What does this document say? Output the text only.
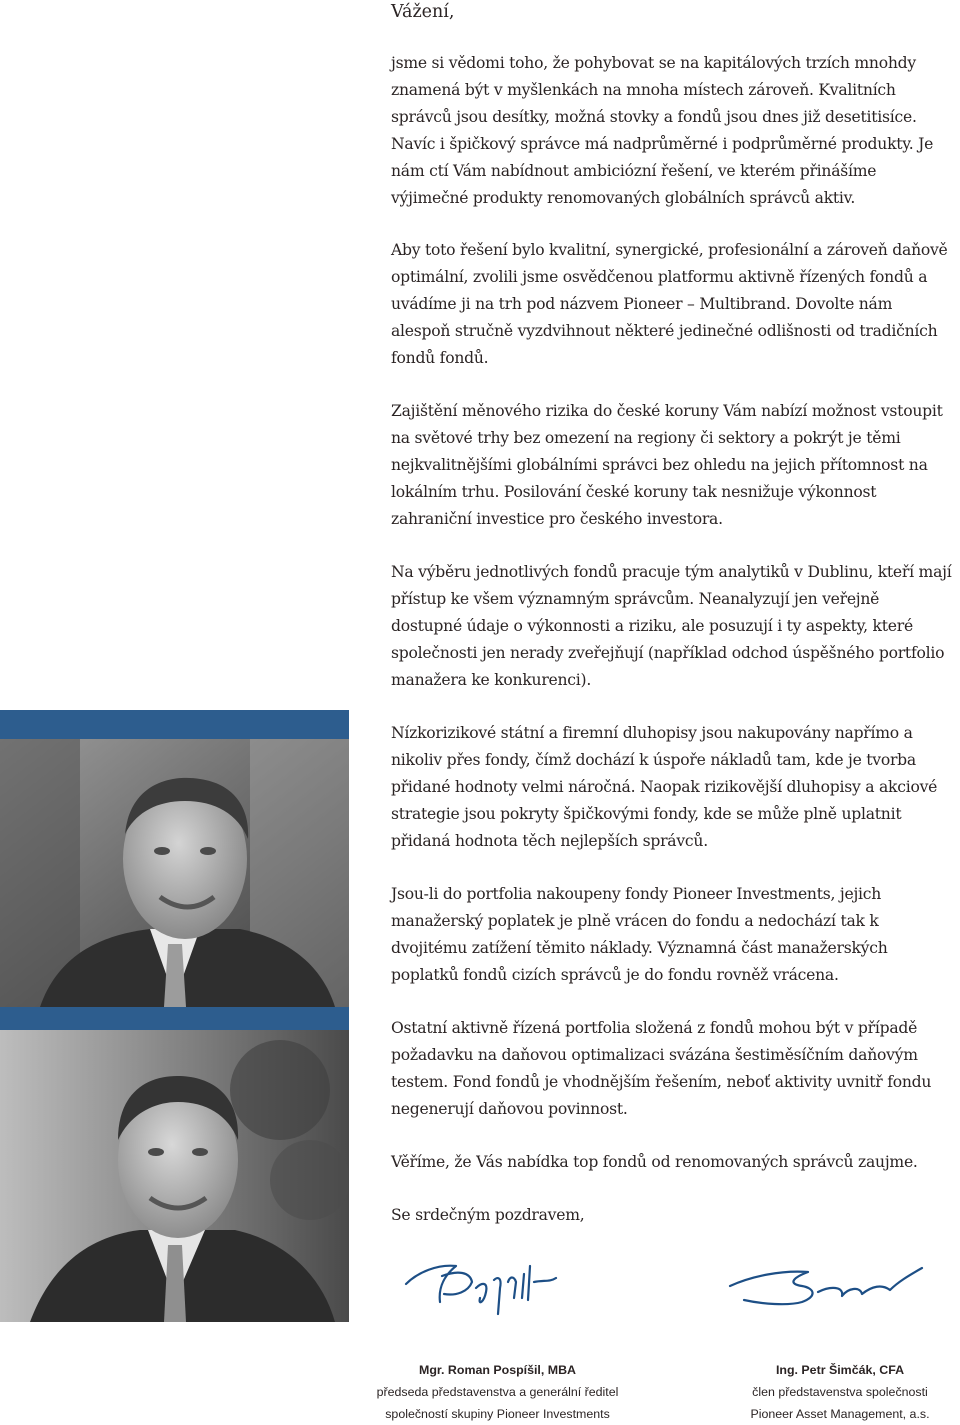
Vážení,

jsme si vědomi toho, že pohybovat se na kapitálových trzích mnohdy znamená být v myšlenkách na mnoha místech zároveň. Kvalitních správců jsou desítky, možná stovky a fondů jsou dnes již desetitisíce. Navíc i špičkový správce má nadprůměrné i podprůměrné produkty. Je nám ctí Vám nabídnout ambiciózní řešení, ve kterém přinášíme výjimečné produkty renomovaných globálních správců aktiv.

Aby toto řešení bylo kvalitní, synergické, profesionální a zároveň daňově optimální, zvolili jsme osvědčenou platformu aktivně řízených fondů a uvádíme ji na trh pod názvem Pioneer – Multibrand. Dovolte nám alespoň stručně vyzdvihnout některé jedinečné odlišnosti od tradičních fondů fondů.

Zajištění měnového rizika do české koruny Vám nabízí možnost vstoupit na světové trhy bez omezení na regiony či sektory a pokrýt je těmi nejkvalitnějšími globálními správci bez ohledu na jejich přítomnost na lokálním trhu. Posilování české koruny tak nesnižuje výkonnost zahraniční investice pro českého investora.

Na výběru jednotlivých fondů pracuje tým analytiků v Dublinu, kteří mají přístup ke všem významným správcům. Neanalyzují jen veřejně dostupné údaje o výkonnosti a riziku, ale posuzují i ty aspekty, které společnosti jen nerady zveřejňují (například odchod úspěšného portfolio manažera ke konkurenci).

Nízkorizikové státní a firemní dluhopisy jsou nakupovány napřímo a nikoliv přes fondy, čímž dochází k úspoře nákladů tam, kde je tvorba přidané hodnoty velmi náročná. Naopak rizikovější dluhopisy a akciové strategie jsou pokryty špičkovými fondy, kde se může plně uplatnit přidaná hodnota těch nejlepších správců.

Jsou-li do portfolia nakoupeny fondy Pioneer Investments, jejich manažerský poplatek je plně vrácen do fondu a nedochází tak k dvojitému zatížení těmito náklady. Významná část manažerských poplatků fondů cizích správců je do fondu rovněž vrácena.

Ostatní aktivně řízená portfolia složená z fondů mohou být v případě požadavku na daňovou optimalizaci svázána šestiměsíčním daňovým testem. Fond fondů je vhodnějším řešením, neboť aktivity uvnitř fondu negenerují daňovou povinnost.

Věříme, že Vás nabídka top fondů od renomovaných správců zaujme.

Se srdečným pozdravem,

Mgr. Roman Pospíšil, MBA
předseda představenstva a generální ředitel
společností skupiny Pioneer Investments
Ing. Petr Šimčák, CFA
člen představenstva společnosti
Pioneer Asset Management, a.s.
